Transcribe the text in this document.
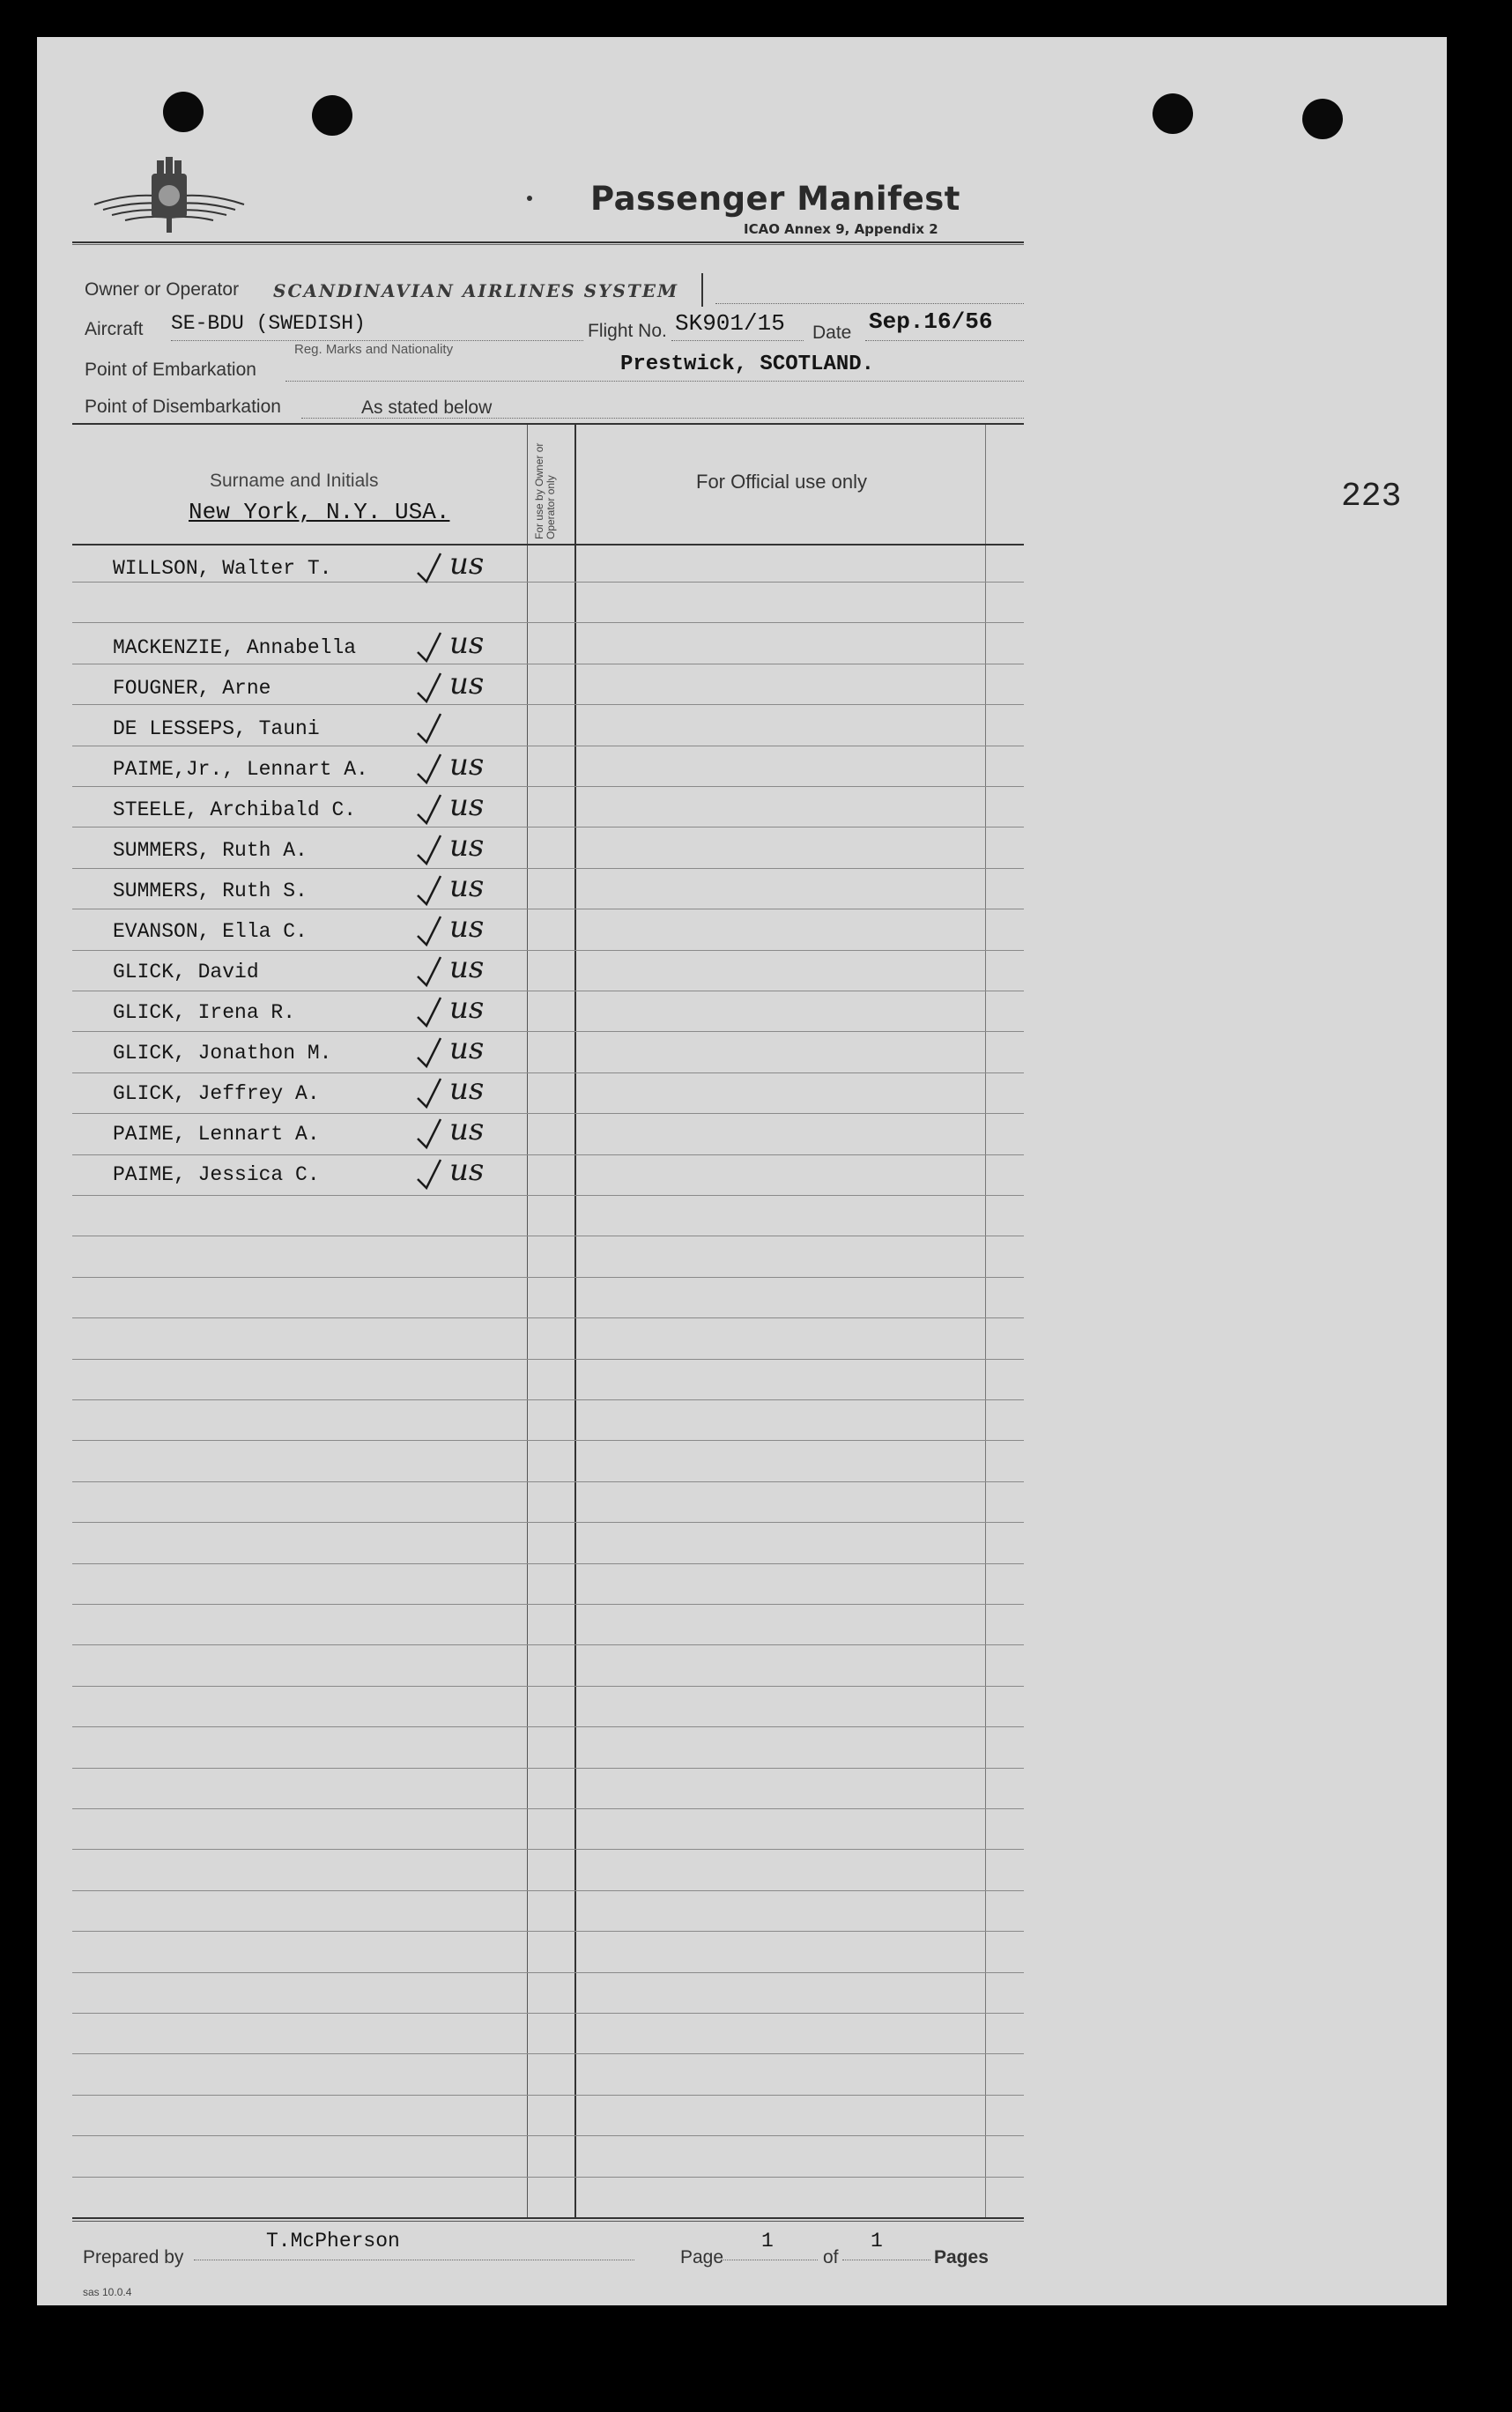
Passenger Manifest
ICAO Annex 9, Appendix 2
Owner or Operator SCANDINAVIAN AIRLINES SYSTEM
Aircraft SE-BDU (SWEDISH)
Reg. Marks and Nationality
Flight No. SK901/15 Date Sep.16/56
Point of Embarkation	Prestwick, SCOTLAND.
Point of Disembarkation	As stated below
Surname and Initials
New York, N.Y. USA.	For use by Owner or Operator only	For Official use only	223
WILLSON, Walter T.	us
MACKENZIE, Annabella	us
FOUGNER, Arne	us
DE LESSEPS, Tauni
PAIME,Jr., Lennart A.	us
STEELE, Archibald C.	us
SUMMERS, Ruth A.	us
SUMMERS, Ruth S.	us
EVANSON, Ella C.	us
GLICK, David	us
GLICK, Irena R.	us
GLICK, Jonathon M.	us
GLICK, Jeffrey A.	us
PAIME, Lennart A.	us
PAIME, Jessica C.	us
Prepared by
T.McPherson
Page
1
of
1
Pages
sas 10.0.4
